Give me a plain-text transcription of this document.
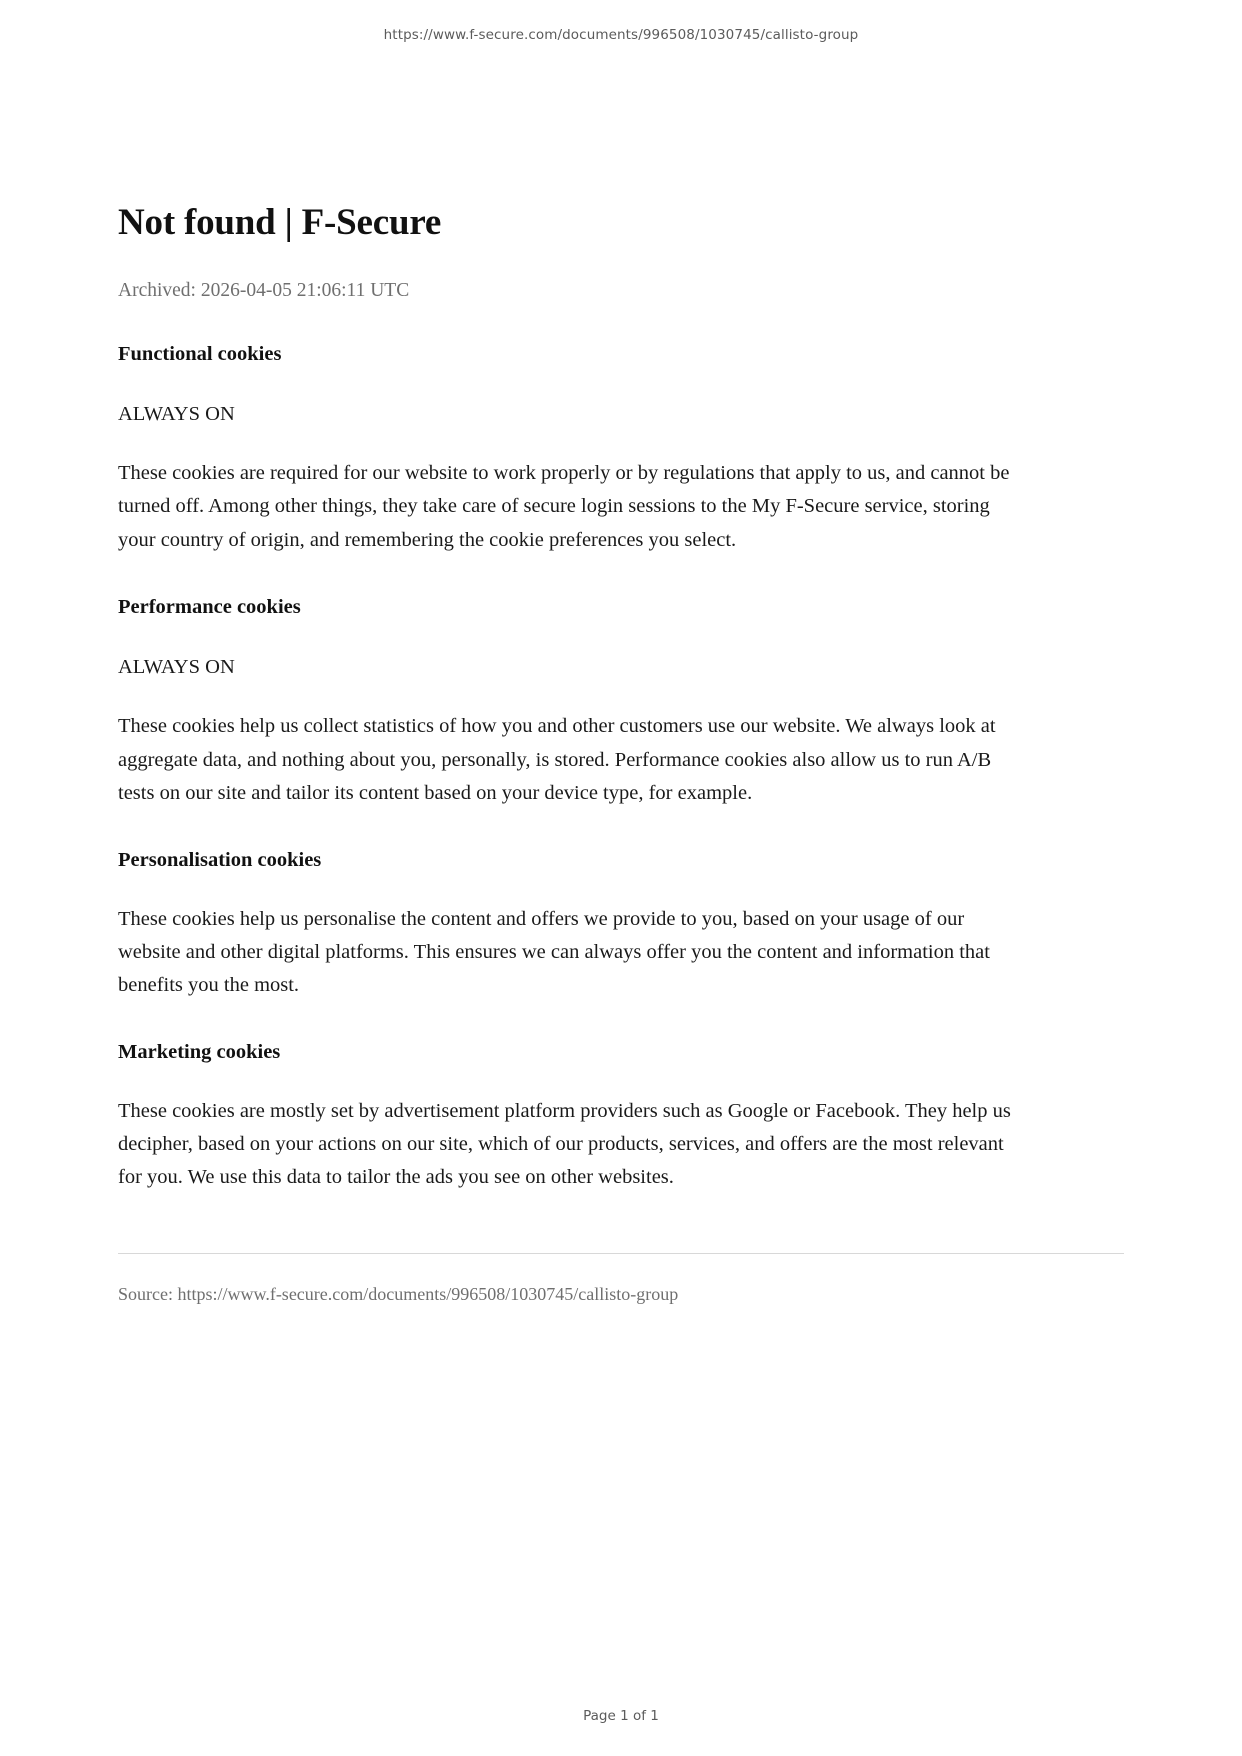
https://www.f-secure.com/documents/996508/1030745/callisto-group
Not found | F-Secure
Archived: 2026-04-05 21:06:11 UTC
Functional cookies

ALWAYS ON

These cookies are required for our website to work properly or by regulations that apply to us, and cannot be turned off. Among other things, they take care of secure login sessions to the My F-Secure service, storing your country of origin, and remembering the cookie preferences you select.

Performance cookies

ALWAYS ON

These cookies help us collect statistics of how you and other customers use our website. We always look at aggregate data, and nothing about you, personally, is stored. Performance cookies also allow us to run A/B tests on our site and tailor its content based on your device type, for example.

Personalisation cookies

These cookies help us personalise the content and offers we provide to you, based on your usage of our website and other digital platforms. This ensures we can always offer you the content and information that benefits you the most.

Marketing cookies

These cookies are mostly set by advertisement platform providers such as Google or Facebook. They help us decipher, based on your actions on our site, which of our products, services, and offers are the most relevant for you. We use this data to tailor the ads you see on other websites.

Source: https://www.f-secure.com/documents/996508/1030745/callisto-group
Page 1 of 1
